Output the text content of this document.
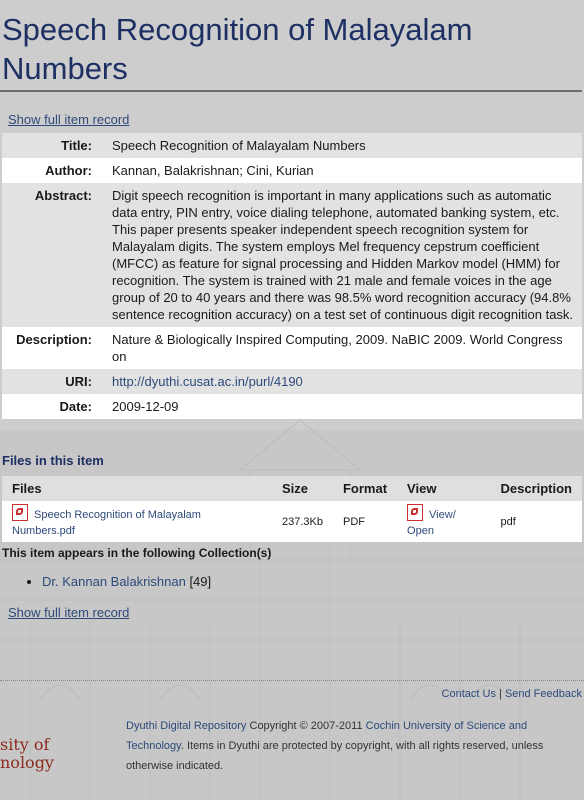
Speech Recognition of Malayalam Numbers
Show full item record
Title:	Speech Recognition of Malayalam Numbers
Author:	Kannan, Balakrishnan; Cini, Kurian
Abstract:	Digit speech recognition is important in many applications such as automatic data entry, PIN entry, voice dialing telephone, automated banking system, etc. This paper presents speaker independent speech recognition system for Malayalam digits. The system employs Mel frequency cepstrum coefficient (MFCC) as feature for signal processing and Hidden Markov model (HMM) for recognition. The system is trained with 21 male and female voices in the age group of 20 to 40 years and there was 98.5% word recognition accuracy (94.8% sentence recognition accuracy) on a test set of continuous digit recognition task.
Description:	Nature & Biologically Inspired Computing, 2009. NaBIC 2009. World Congress on
URI:	http://dyuthi.cusat.ac.in/purl/4190
Date:	2009-12-09
Files in this item
Files	Size	Format	View	Description
Speech Recognition of Malayalam Numbers.pdf	237.3Kb	PDF	View/ Open	pdf
This item appears in the following Collection(s)
• Dr. Kannan Balakrishnan [49]
Show full item record
Contact Us | Send Feedback
Dyuthi Digital Repository Copyright © 2007-2011 Cochin University of Science and Technology. Items in Dyuthi are protected by copyright, with all rights reserved, unless otherwise indicated.
sity of
nology
